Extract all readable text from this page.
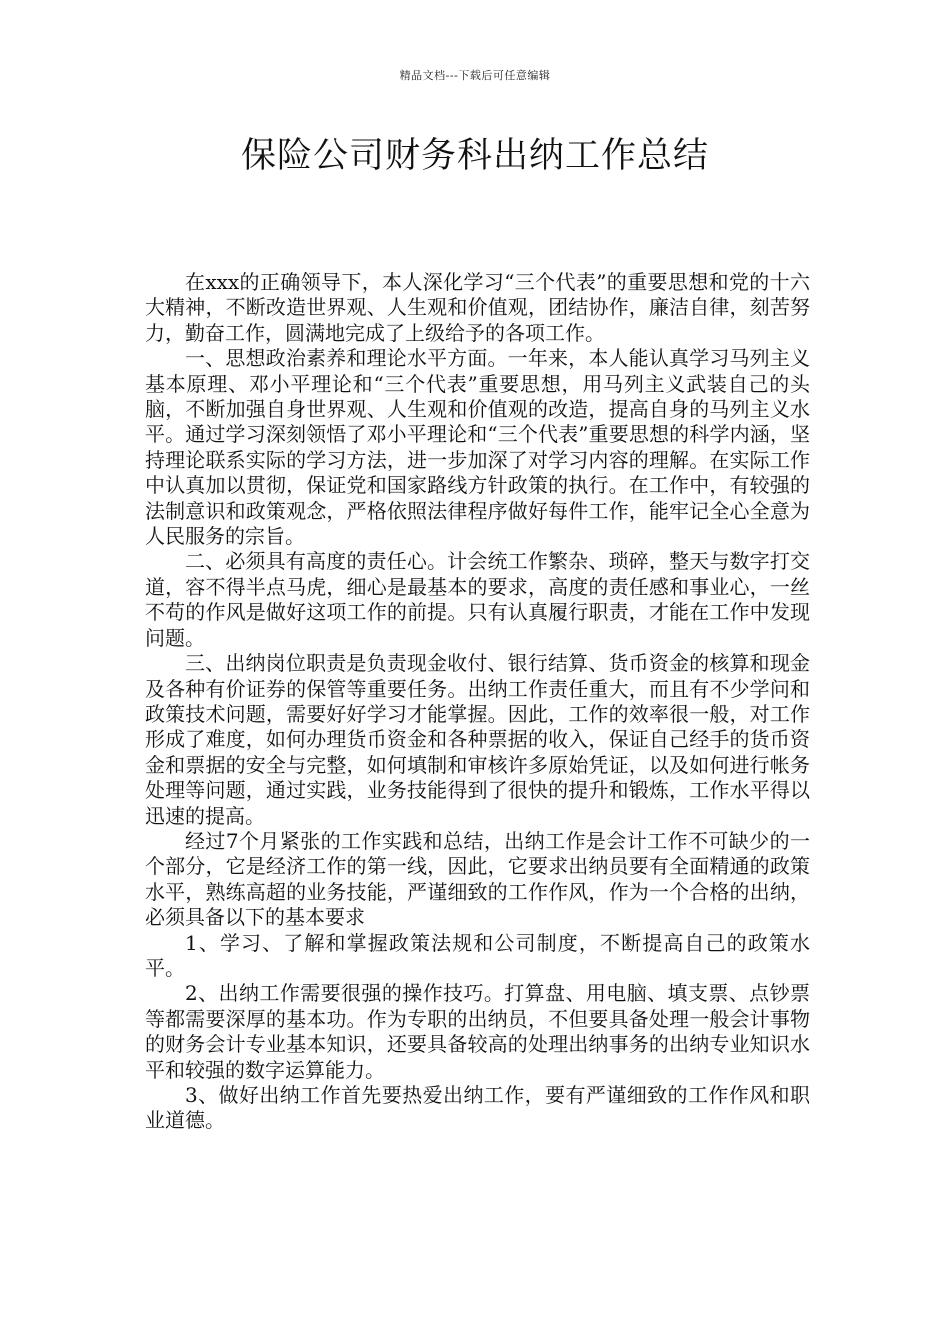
精品文档---下载后可任意编辑
保险公司财务科出纳工作总结

在xxx的正确领导下，本人深化学习“三个代表”的重要思想和党的十六大精神，不断改造世界观、人生观和价值观，团结协作，廉洁自律，刻苦努力，勤奋工作，圆满地完成了上级给予的各项工作。

一、思想政治素养和理论水平方面。一年来，本人能认真学习马列主义基本原理、邓小平理论和“三个代表”重要思想，用马列主义武装自己的头脑，不断加强自身世界观、人生观和价值观的改造，提高自身的马列主义水平。通过学习深刻领悟了邓小平理论和“三个代表”重要思想的科学内涵，坚持理论联系实际的学习方法，进一步加深了对学习内容的理解。在实际工作中认真加以贯彻，保证党和国家路线方针政策的执行。在工作中，有较强的法制意识和政策观念，严格依照法律程序做好每件工作，能牢记全心全意为人民服务的宗旨。

二、必须具有高度的责任心。计会统工作繁杂、琐碎，整天与数字打交道，容不得半点马虎，细心是最基本的要求，高度的责任感和事业心，一丝不苟的作风是做好这项工作的前提。只有认真履行职责，才能在工作中发现问题。

三、出纳岗位职责是负责现金收付、银行结算、货币资金的核算和现金及各种有价证券的保管等重要任务。出纳工作责任重大，而且有不少学问和政策技术问题，需要好好学习才能掌握。因此，工作的效率很一般，对工作形成了难度，如何办理货币资金和各种票据的收入，保证自己经手的货币资金和票据的安全与完整，如何填制和审核许多原始凭证，以及如何进行帐务处理等问题，通过实践，业务技能得到了很快的提升和锻炼，工作水平得以迅速的提高。

经过7个月紧张的工作实践和总结，出纳工作是会计工作不可缺少的一个部分，它是经济工作的第一线，因此，它要求出纳员要有全面精通的政策水平，熟练高超的业务技能，严谨细致的工作作风，作为一个合格的出纳，必须具备以下的基本要求

1、学习、了解和掌握政策法规和公司制度，不断提高自己的政策水平。

2、出纳工作需要很强的操作技巧。打算盘、用电脑、填支票、点钞票等都需要深厚的基本功。作为专职的出纳员，不但要具备处理一般会计事物的财务会计专业基本知识，还要具备较高的处理出纳事务的出纳专业知识水平和较强的数字运算能力。

3、做好出纳工作首先要热爱出纳工作，要有严谨细致的工作作风和职业道德。
